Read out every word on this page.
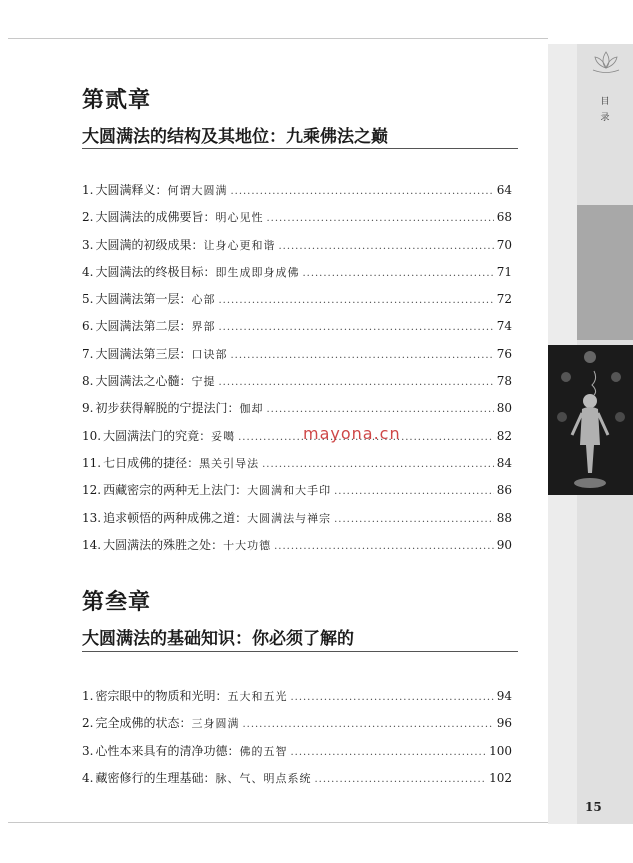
目
录
15
第贰章
大圆满法的结构及其地位：九乘佛法之巅
1. 大圆满释义： 何谓大圆满 .....	64
2. 大圆满法的成佛要旨： 明心见性 .....	68
3. 大圆满的初级成果： 让身心更和谐 .....	70
4. 大圆满法的终极目标： 即生成即身成佛 .....	71
5. 大圆满法第一层： 心部 .....	72
6. 大圆满法第二层： 界部 .....	74
7. 大圆满法第三层： 口诀部 .....	76
8. 大圆满法之心髓： 宁提 .....	78
9. 初步获得解脱的宁提法门： 伽却 .....	80
10. 大圆满法门的究竟： 妥噶 .....	82
11. 七日成佛的捷径： 黑关引导法 .....	84
12. 西藏密宗的两种无上法门： 大圆满和大手印 .....	86
13. 追求顿悟的两种成佛之道： 大圆满法与禅宗 .....	88
14. 大圆满法的殊胜之处： 十大功德 .....	90
mayona.cn
第叁章
大圆满法的基础知识：你必须了解的
1. 密宗眼中的物质和光明： 五大和五光 .....	94
2. 完全成佛的状态： 三身圆满 .....	96
3. 心性本来具有的清净功德： 佛的五智 .....	100
4. 藏密修行的生理基础： 脉、气、明点系统 .....	102
